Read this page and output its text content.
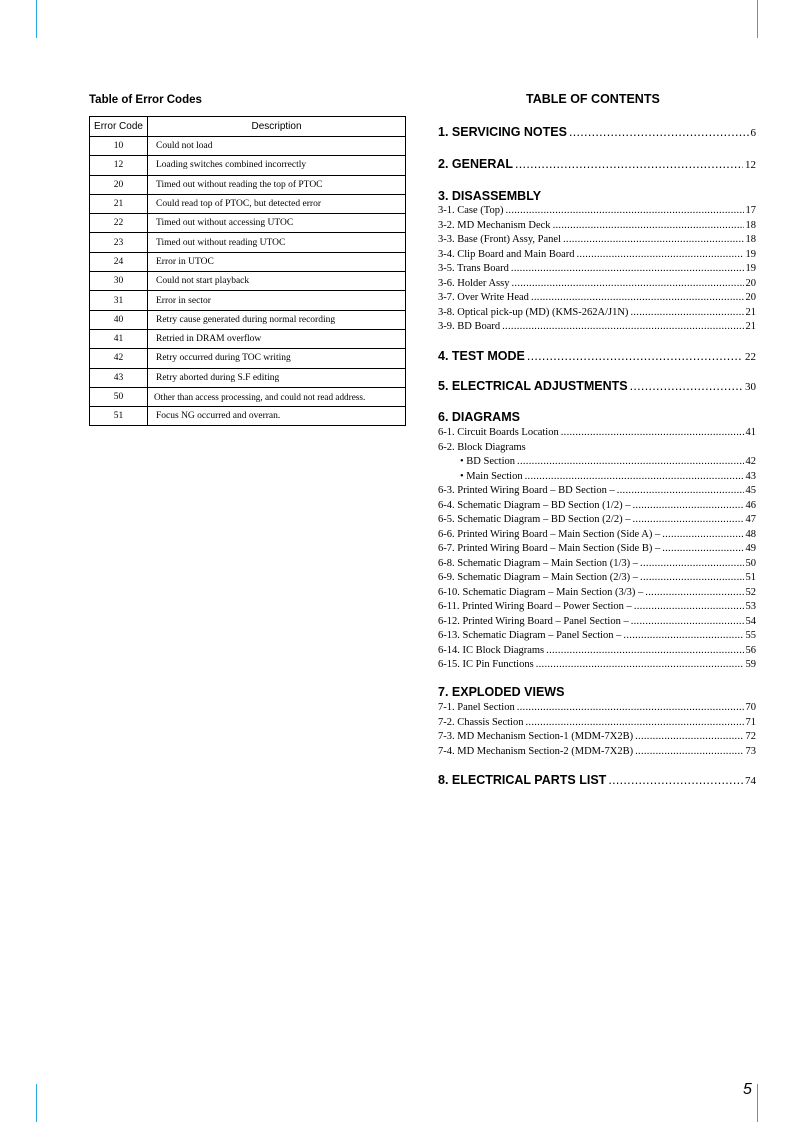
Table of Error Codes
Error Code	Description
10	Could not load
12	Loading switches combined incorrectly
20	Timed out without reading the top of PTOC
21	Could read top of PTOC, but detected error
22	Timed out without accessing UTOC
23	Timed out without reading UTOC
24	Error in UTOC
30	Could not start playback
31	Error in sector
40	Retry cause generated during normal recording
41	Retried in DRAM overflow
42	Retry occurred during TOC writing
43	Retry aborted during S.F editing
50	Other than access processing, and could not read address.
51	Focus NG occurred and overran.
TABLE OF CONTENTS
1. SERVICING NOTES .....	6
2. GENERAL .....	12
3. DISASSEMBLY
3-1. Case (Top) .....	17
3-2. MD Mechanism Deck .....	18
3-3. Base (Front) Assy, Panel .....	18
3-4. Clip Board and Main Board .....	19
3-5. Trans Board .....	19
3-6. Holder Assy .....	20
3-7. Over Write Head .....	20
3-8. Optical pick-up (MD) (KMS-262A/J1N) .....	21
3-9. BD Board .....	21
4. TEST MODE .....	22
5. ELECTRICAL ADJUSTMENTS .....	30
6. DIAGRAMS
6-1. Circuit Boards Location .....	41
6-2. Block Diagrams
• BD Section .....	42
• Main Section .....	43
6-3. Printed Wiring Board – BD Section – .....	45
6-4. Schematic Diagram – BD Section (1/2) – .....	46
6-5. Schematic Diagram – BD Section (2/2) – .....	47
6-6. Printed Wiring Board – Main Section (Side A) – .....	48
6-7. Printed Wiring Board – Main Section (Side B) – .....	49
6-8. Schematic Diagram – Main Section (1/3) – .....	50
6-9. Schematic Diagram – Main Section (2/3) – .....	51
6-10. Schematic Diagram – Main Section (3/3) – .....	52
6-11. Printed Wiring Board – Power Section – .....	53
6-12. Printed Wiring Board – Panel Section – .....	54
6-13. Schematic Diagram – Panel Section – .....	55
6-14. IC Block Diagrams .....	56
6-15. IC Pin Functions .....	59
7. EXPLODED VIEWS
7-1. Panel Section .....	70
7-2. Chassis Section .....	71
7-3. MD Mechanism Section-1 (MDM-7X2B) .....	72
7-4. MD Mechanism Section-2 (MDM-7X2B) .....	73
8. ELECTRICAL PARTS LIST .....	74
5
